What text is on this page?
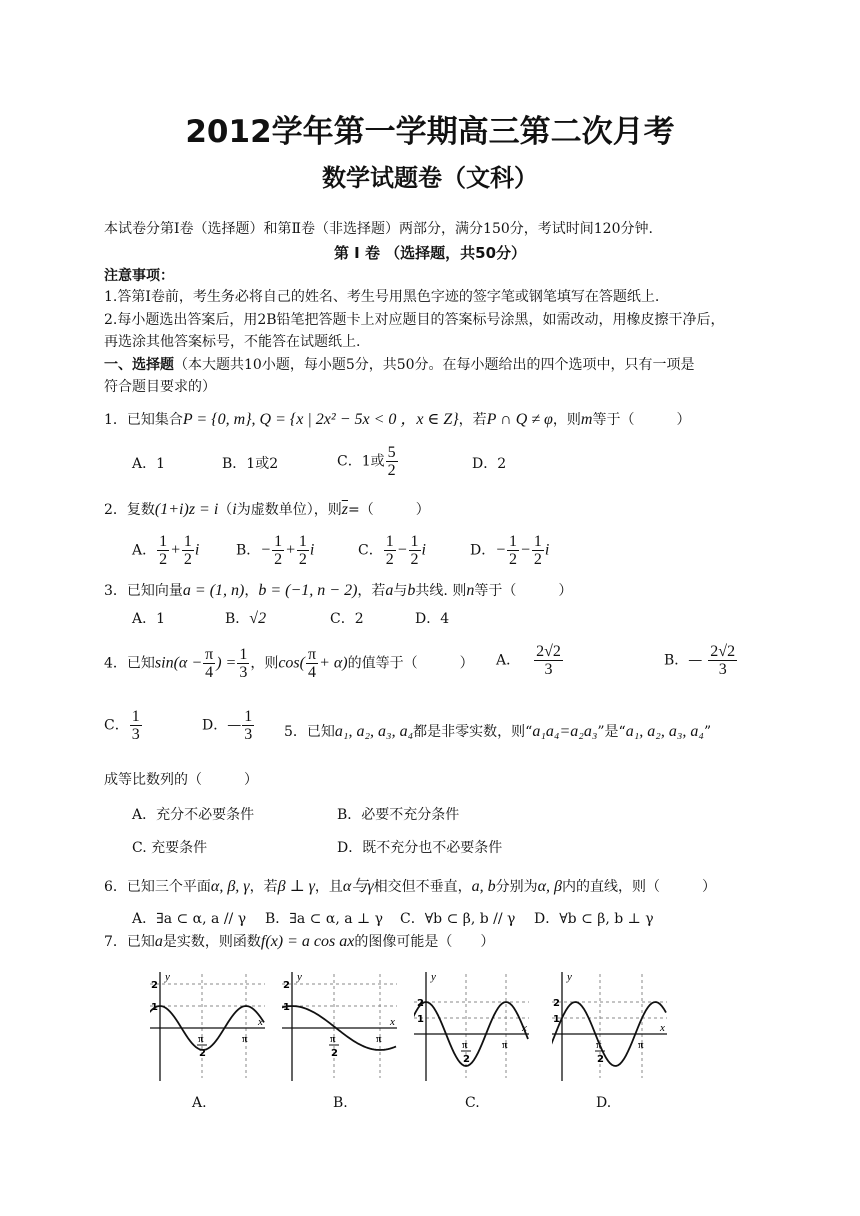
2012学年第一学期高三第二次月考
数学试题卷（文科）
本试卷分第Ⅰ卷（选择题）和第Ⅱ卷（非选择题）两部分，满分150分，考试时间120分钟.
第 Ⅰ 卷 （选择题，共50分）
注意事项：
1.答第Ⅰ卷前，考生务必将自己的姓名、考生号用黑色字迹的签字笔或钢笔填写在答题纸上.
2.每小题选出答案后，用2B铅笔把答题卡上对应题目的答案标号涂黑，如需改动，用橡皮擦干净后，
再选涂其他答案标号，不能答在试题纸上.
一、选择题（本大题共10小题，每小题5分，共50分。在每小题给出的四个选项中，只有一项是
符合题目要求的）
1．已知集合P = {0, m}, Q = {x | 2x² − 5x < 0 ，x ∈ Z}，若P ∩ Q ≠ φ，则m等于（　　　）
A．1	B．1或2	C．1或 $\frac{5}{2}$	D．2
2．复数(1+i)z = i（i为虚数单位），则$\overline{z}=$（　　　）
A． $\frac{1}{2} + \frac{1}{2}$ i	B．− $\frac{1}{2} + \frac{1}{2}$ i	C． $\frac{1}{2} - \frac{1}{2}$ i	D．− $\frac{1}{2} - \frac{1}{2}$ i
3．已知向量a = (1, n)，b = (−1, n − 2)，若a与b共线. 则n等于（　　　）
A．1	B．√2	C．2	D．4
4．已知$\sin(\alpha - \frac{\pi}{4}$ ) = $\frac{1}{3}$ ，则$\cos( \frac{\pi}{4} + \alpha)$的值等于（　　　） A． $\frac{2√2}{3}$	B．— $\frac{2√2}{3}$
C． $\frac{1}{3}$	D．— $\frac{1}{3} 5$．已知a₁, a₂, a₃, a₄都是非零实数，则“a₁a₄=a₂a₃”是“a₁, a₂, a₃, a₄”
成等比数列的（　　　）
A．充分不必要条件	B．必要不充分条件
C. 充要条件	D．既不充分也不必要条件
6．已知三个平面α, β, γ，若β ⊥ γ，且α与γ相交但不垂直，a, b分别为α, β内的直线，则（　　　）
A．∃a ⊂ α, a // γ B．∃a ⊂ α, a ⊥ γ C．∀b ⊂ β, b // γ D．∀b ⊂ β, b ⊥ γ
7．已知a是实数，则函数f(x) = a cos ax的图像可能是（　　）
y
x
2
1
π
π
2
y
x
2
1
π
π
2
y
x
2
1
π
π
2
y
x
2
1
π
π
2
A.	B.	C.	D.
